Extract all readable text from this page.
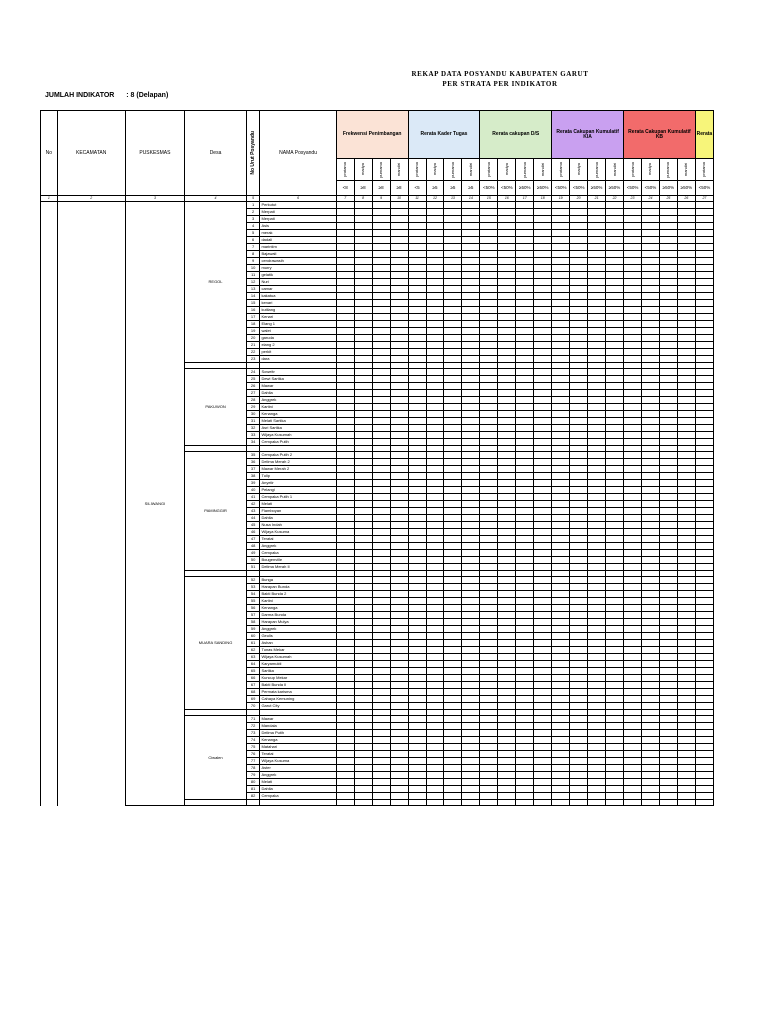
REKAP DATA POSYANDU KABUPATEN GARUT
PER STRATA PER INDIKATOR
JUMLAH INDIKATOR : 8 (Delapan)
No	KECAMATAN	PUSKESMAS	Desa	No Urut Posyandu	NAMA Posyandu	Frekwensi Penimbangan				Rerata Kader Tugas				Rerata cakupan D/S				Rerata Cakupan Kumulatif KIA				Rerata Cakupan Kumulatif KB				Rerata

						pratama	madya	purnama	mandiri	pratama	madya	purnama	mandiri	pratama	madya	purnama	mandiri	pratama	madya	purnama	mandiri	pratama	madya	purnama	mandiri	pratama

						<8	≥8	≥8	≥8	<5	≥5	≥5	≥5	<50%	<50%	≥50%	≥50%	<50%	<50%	≥50%	≥50%	<50%	<50%	≥50%	≥50%	<50%
1	2	3	4	5	6	7	8	9	10	11	12	13	14	15	16	17	18	19	20	21	22	23	24	25	26	27
		SILIWANGI	REGOL	1	Perkutut																					
				2	Merpati																					
				3	Merpati																					
				4	Asis																					
				5	merak																					
				6	dadali																					
				7	marintim																					
				8	Bajawali																					
				9	cendrawasih																					
				10	murry																					
				11	gelatik																					
				12	Nuri																					
				13	camar																					
				14	kakatua																					
				15	kenari																					
				16	kutilang																					
				17	Kenari																					
				18	Elang 1																					
				19	walet																					
				20	garuda																					
				21	elang 2																					
				22	perkit																					
				23	dara																					

			PAKUWON	24	Soweitr																					
				25	Dewi Sartika																					
				26	Mawar																					
				27	Dahlia																					
				28	Anggrek																					
				29	Kartini																					
				30	Kenanga																					
				31	Melati Sartika																					
				32	Asri Sartika																					
				33	Wijaya Kusumah																					
				34	Cempaka Putih																					

			PAMINGGIR	35	Cempaka Putih 2																					
				36	Delima Merah 2																					
				37	Mawar Merah 2																					
				38	Tulip																					
				39	Anyelir																					
				40	Pelangi																					
				41	Cempaka Putih 1																					
				42	Melati																					
				43	Flamboyan																					
				44	Dahlia																					
				45	Nusa Indah																					
				46	Wijaya Kusuma																					
				47	Teratai																					
				48	Anggrek																					
				49	Cempaka																					
				50	Bougenville																					
				51	Delima Merah II																					

			MUARA SANDING	52	Bunga																					
				53	Harapan Bunda																					
				54	Bakti Bunda 2																					
				55	Kartini																					
				56	Kenanga																					
				57	Darma Bunda																					
				58	Harapan Mulya																					
				59	Anggrek																					
				60	Geulis																					
				61	Ashan																					
				62	Tunas Mekar																					
				63	Wijaya Kusumah																					
				64	Karyamukti																					
				65	Sartika																					
				66	Kuncup Mekar																					
				67	Bakti Bunda II																					
				68	Permata karisma																					
				69	Cahaya Kemuning																					
				70	Garut City																					

			Ciwalen	71	Mawar																					
				72	Mandala																					
				73	Delima Putih																					
				74	Kenanga																					
				75	Matahari																					
				76	Teratai																					
				77	Wijaya Kusuma																					
				78	Aster																					
				79	Anggrek																					
				80	Melati																					
				81	Dahlia																					
				82	Cempaka																					
